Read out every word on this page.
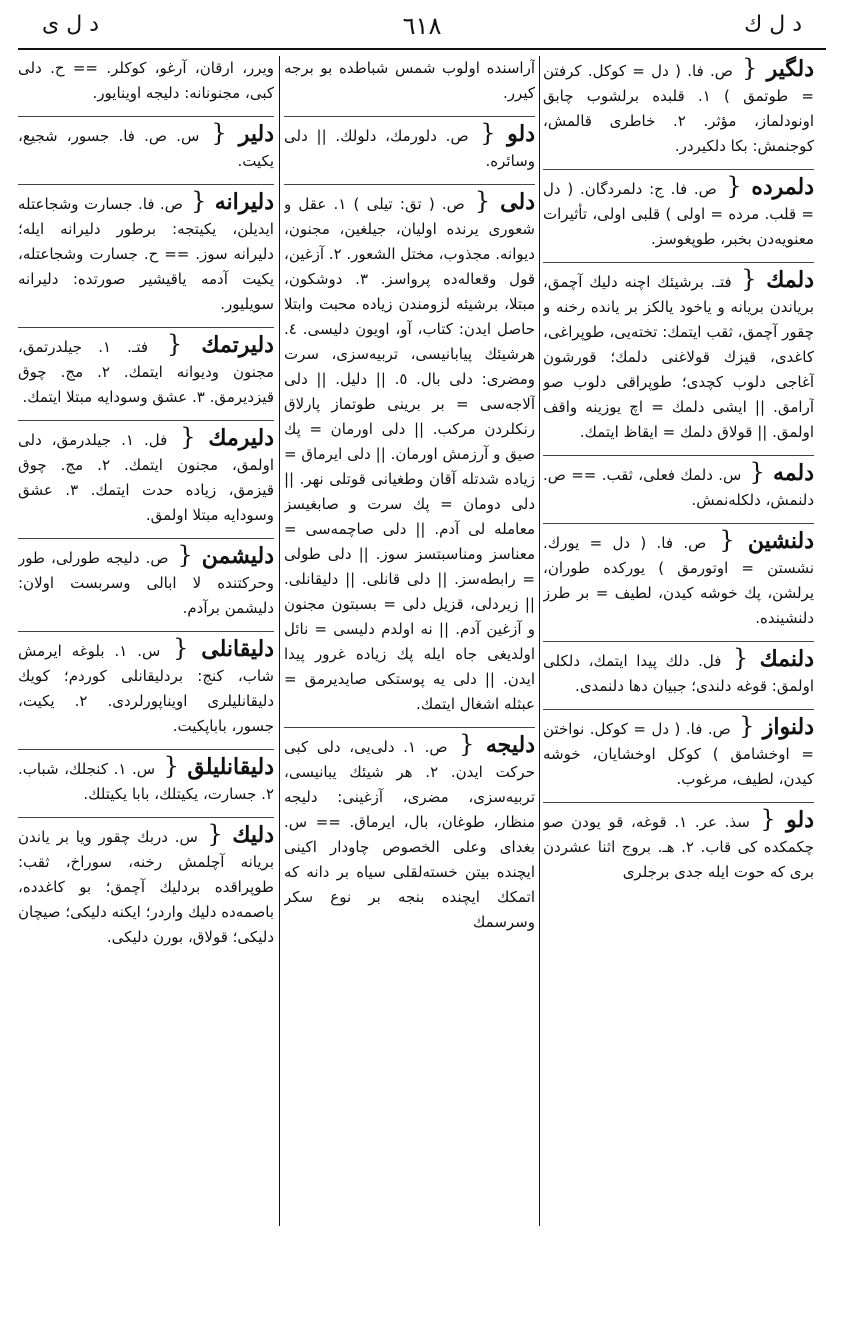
د ل ك
٦١٨
د ل ى
دلگیر { ص. فا. ( دل = كوكل. كرفتن = طوتمق ) ١. قلبده برلشوب چابق اونودلماز، مؤثر. ٢. خاطرى قالمش، كوجنمش: بكا دلكيردر.
دلمرده { ص. فا. ج: دلمردگان. ( دل = قلب. مرده = اولى ) قلبى اولى، تأثيرات معنويه‌دن بخبر، طوپغوسز.
دلمك { فتـ. برشيئك اچنه دليك آچمق، برياندن بريانه و ياخود يالكز بر يانده رخنه و چقور آچمق، ثقب ايتمك: تختەيى، طوپراغى، كاغدى، قيزك قولاغنى دلمك؛ قورشون آغاجى دلوب كچدى؛ طوپراقى دلوب صو آرامق. || ايشى دلمك = اچ يوزينه واقف اولمق. || قولاق دلمك = ايقاظ ايتمك.
دلمه { س. دلمك فعلى، ثقب. == ص. دلنمش، دلكلەنمش.
دلنشين { ص. فا. ( دل = يورك. نشستن = اوتورمق ) يوركده طوران، يرلشن، پك خوشه كيدن، لطيف = بر طرز دلنشينده.
دلنمك { فل. دلك پيدا ايتمك، دلكلى اولمق: قوغه دلندى؛ جبيان دها دلنمدى.
دلنواز { ص. فا. ( دل = كوكل. نواختن = اوخشامق ) كوكل اوخشايان، خوشه كيدن، لطيف، مرغوب.
دلو { سذ. عر. ١. قوغه، قو يودن صو چكمكده كى قاب. ٢. هـ. بروج اثنا عشردن برى كه حوت ايله جدى برجلرى
آراسنده اولوب شمس شباطده بو برجه كيرر.
دلو { ص. دلورمك، دلولك. || دلى وسائره.
دلى { ص. ( تق: تيلى ) ١. عقل و شعورى يرنده اوليان، جيلغين، مجنون، ديوانه. مجذوب، مختل الشعور. ٢. آزغين، قول وقعاله‌ده پروا‌سز. ٣. دوشكون، مبتلا، برشيئه لزومندن زياده محبت وابتلا حاصل ايدن: كتاب، آو، اويون دليسى. ٤. هرشيئك پيابانيسى، تربيەسزى، سرت ومضرى: دلى بال. ٥. || دليل. || دلى آلاجەسى = بر برينى طوتماز پارلاق رنكلردن مركب. || دلى اورمان = پك صيق و آرزمش اورمان. || دلى ايرماق = زياده شدتله آقان وطغيانى قوتلى نهر. || دلى دومان = پك سرت و صابغيسز معامله لى آدم. || دلى صاچمەسى = معناسز ومناسبتسز سوز. || دلى طولى = رابطەسز. || دلى قانلى. || دليقانلى. || زيردلى، قزيل دلى = بسبتون مجنون و آزغين آدم. || نه اولدم دليسى = نائل اولديغى جاه ايله پك زياده غرور پيدا ايدن. || دلى يه پوستكى صايديرمق = عبثله اشغال ايتمك.
دليجه { ص. ١. دلى‌يى، دلى كبى حركت ايدن. ٢. هر شيئك يبانيسى، تربيەسزى، مضرى، آزغينى: دليجه منظار، طوغان، بال، ايرماق. == س. بغداى وعلى الخصوص چاودار اكينى ايچنده بيتن خسته‌لقلى سياه بر دانه كه اتمكك ايچنده بنجه بر نوع سكر وسرسمك
ويرر، ارقان، آرغو، كوكلر. == ح. دلى كبى، مجنونانه: دليجه اوينايور.
دلير { س. ص. فا. جسور، شجيع، يكيت.
دليرانه { ص. فا. جسارت وشجاعتله ايديلن، يكيتجه: برطور دليرانه ايله؛ دليرانه سوز. == ح. جسارت وشجاعتله، يكيت آدمه ياقيشير صورتده: دليرانه سويليور.
دليرتمك { فتـ. ١. جيلدرتمق، مجنون وديوانه ايتمك. ٢. مج. چوق قيزديرمق. ٣. عشق وسودايه مبتلا ايتمك.
دليرمك { فل. ١. جيلدرمق، دلى اولمق، مجنون ايتمك. ٢. مج. چوق قيزمق، زياده حدت ايتمك. ٣. عشق وسودايه مبتلا اولمق.
دليشمن { ص. دليجه طورلى، طور وحركتنده لا ابالى وسربست اولان: دليشمن برآدم.
دليقانلى { س. ١. بلوغه ايرمش شاب، كنج: بردليقانلى كوردم؛ كويك دليقانليلرى اويناپورلردى. ٢. يكيت، جسور، باباپكيت.
دليقانليلق { س. ١. كنجلك، شباب. ٢. جسارت، يكيتلك، بابا يكيتلك.
دليك { س. دربك چقور ويا بر ياندن بريانه آچلمش رخنه، سوراخ، ثقب: طوپراقده بردليك آچمق؛ بو كاغدده، باصمەده دليك واردر؛ ايكنه دليكى؛ صيچان دليكى؛ قولاق، بورن دليكى.
